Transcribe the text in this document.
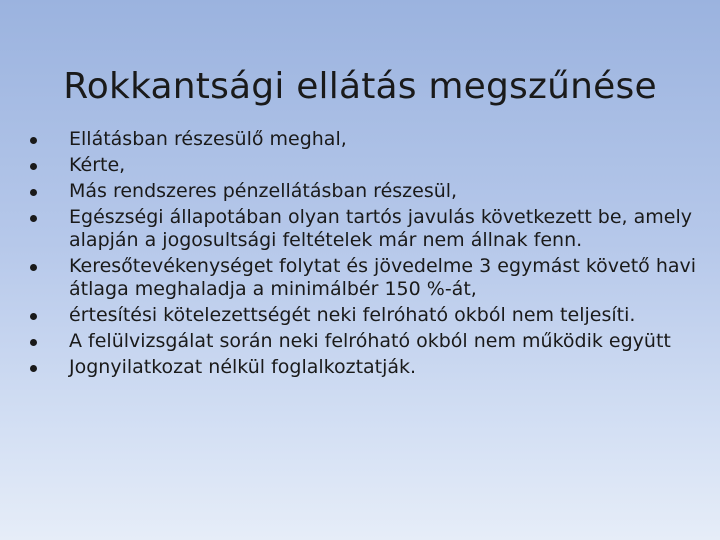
Rokkantsági ellátás megszűnése
Ellátásban részesülő meghal,
Kérte,
Más rendszeres pénzellátásban részesül,
Egészségi állapotában olyan tartós javulás következett be, amely alapján a jogosultsági feltételek már nem állnak fenn.
Keresőtevékenységet folytat és jövedelme 3 egymást követő havi átlaga meghaladja a minimálbér 150 %-át,
értesítési kötelezettségét neki felróható okból nem teljesíti.
A felülvizsgálat során neki felróható okból nem működik együtt
Jognyilatkozat nélkül foglalkoztatják.
